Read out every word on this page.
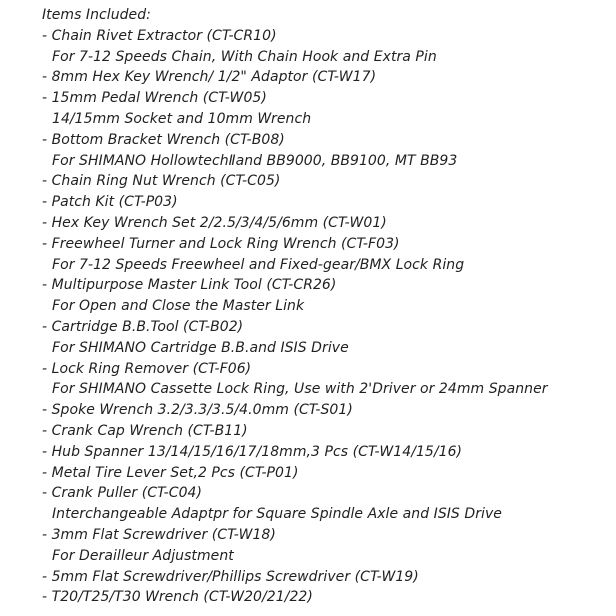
Items Included:
- Chain Rivet Extractor (CT-CR10)
For 7-12 Speeds Chain, With Chain Hook and Extra Pin
- 8mm Hex Key Wrench/ 1/2" Adaptor (CT-W17)
- 15mm Pedal Wrench (CT-W05)
14/15mm Socket and 10mm Wrench
- Bottom Bracket Wrench (CT-B08)
For SHIMANO HollowtechⅡand BB9000, BB9100, MT BB93
- Chain Ring Nut Wrench (CT-C05)
- Patch Kit (CT-P03)
- Hex Key Wrench Set 2/2.5/3/4/5/6mm (CT-W01)
- Freewheel Turner and Lock Ring Wrench (CT-F03)
For 7-12 Speeds Freewheel and Fixed-gear/BMX Lock Ring
- Multipurpose Master Link Tool (CT-CR26)
For Open and Close the Master Link
- Cartridge B.B.Tool (CT-B02)
For SHIMANO Cartridge B.B.and ISIS Drive
- Lock Ring Remover (CT-F06)
For SHIMANO Cassette Lock Ring, Use with 2'Driver or 24mm Spanner
- Spoke Wrench 3.2/3.3/3.5/4.0mm (CT-S01)
- Crank Cap Wrench (CT-B11)
- Hub Spanner 13/14/15/16/17/18mm,3 Pcs (CT-W14/15/16)
- Metal Tire Lever Set,2 Pcs (CT-P01)
- Crank Puller (CT-C04)
Interchangeable Adaptpr for Square Spindle Axle and ISIS Drive
- 3mm Flat Screwdriver (CT-W18)
For Derailleur Adjustment
- 5mm Flat Screwdriver/Phillips Screwdriver (CT-W19)
- T20/T25/T30 Wrench (CT-W20/21/22)
